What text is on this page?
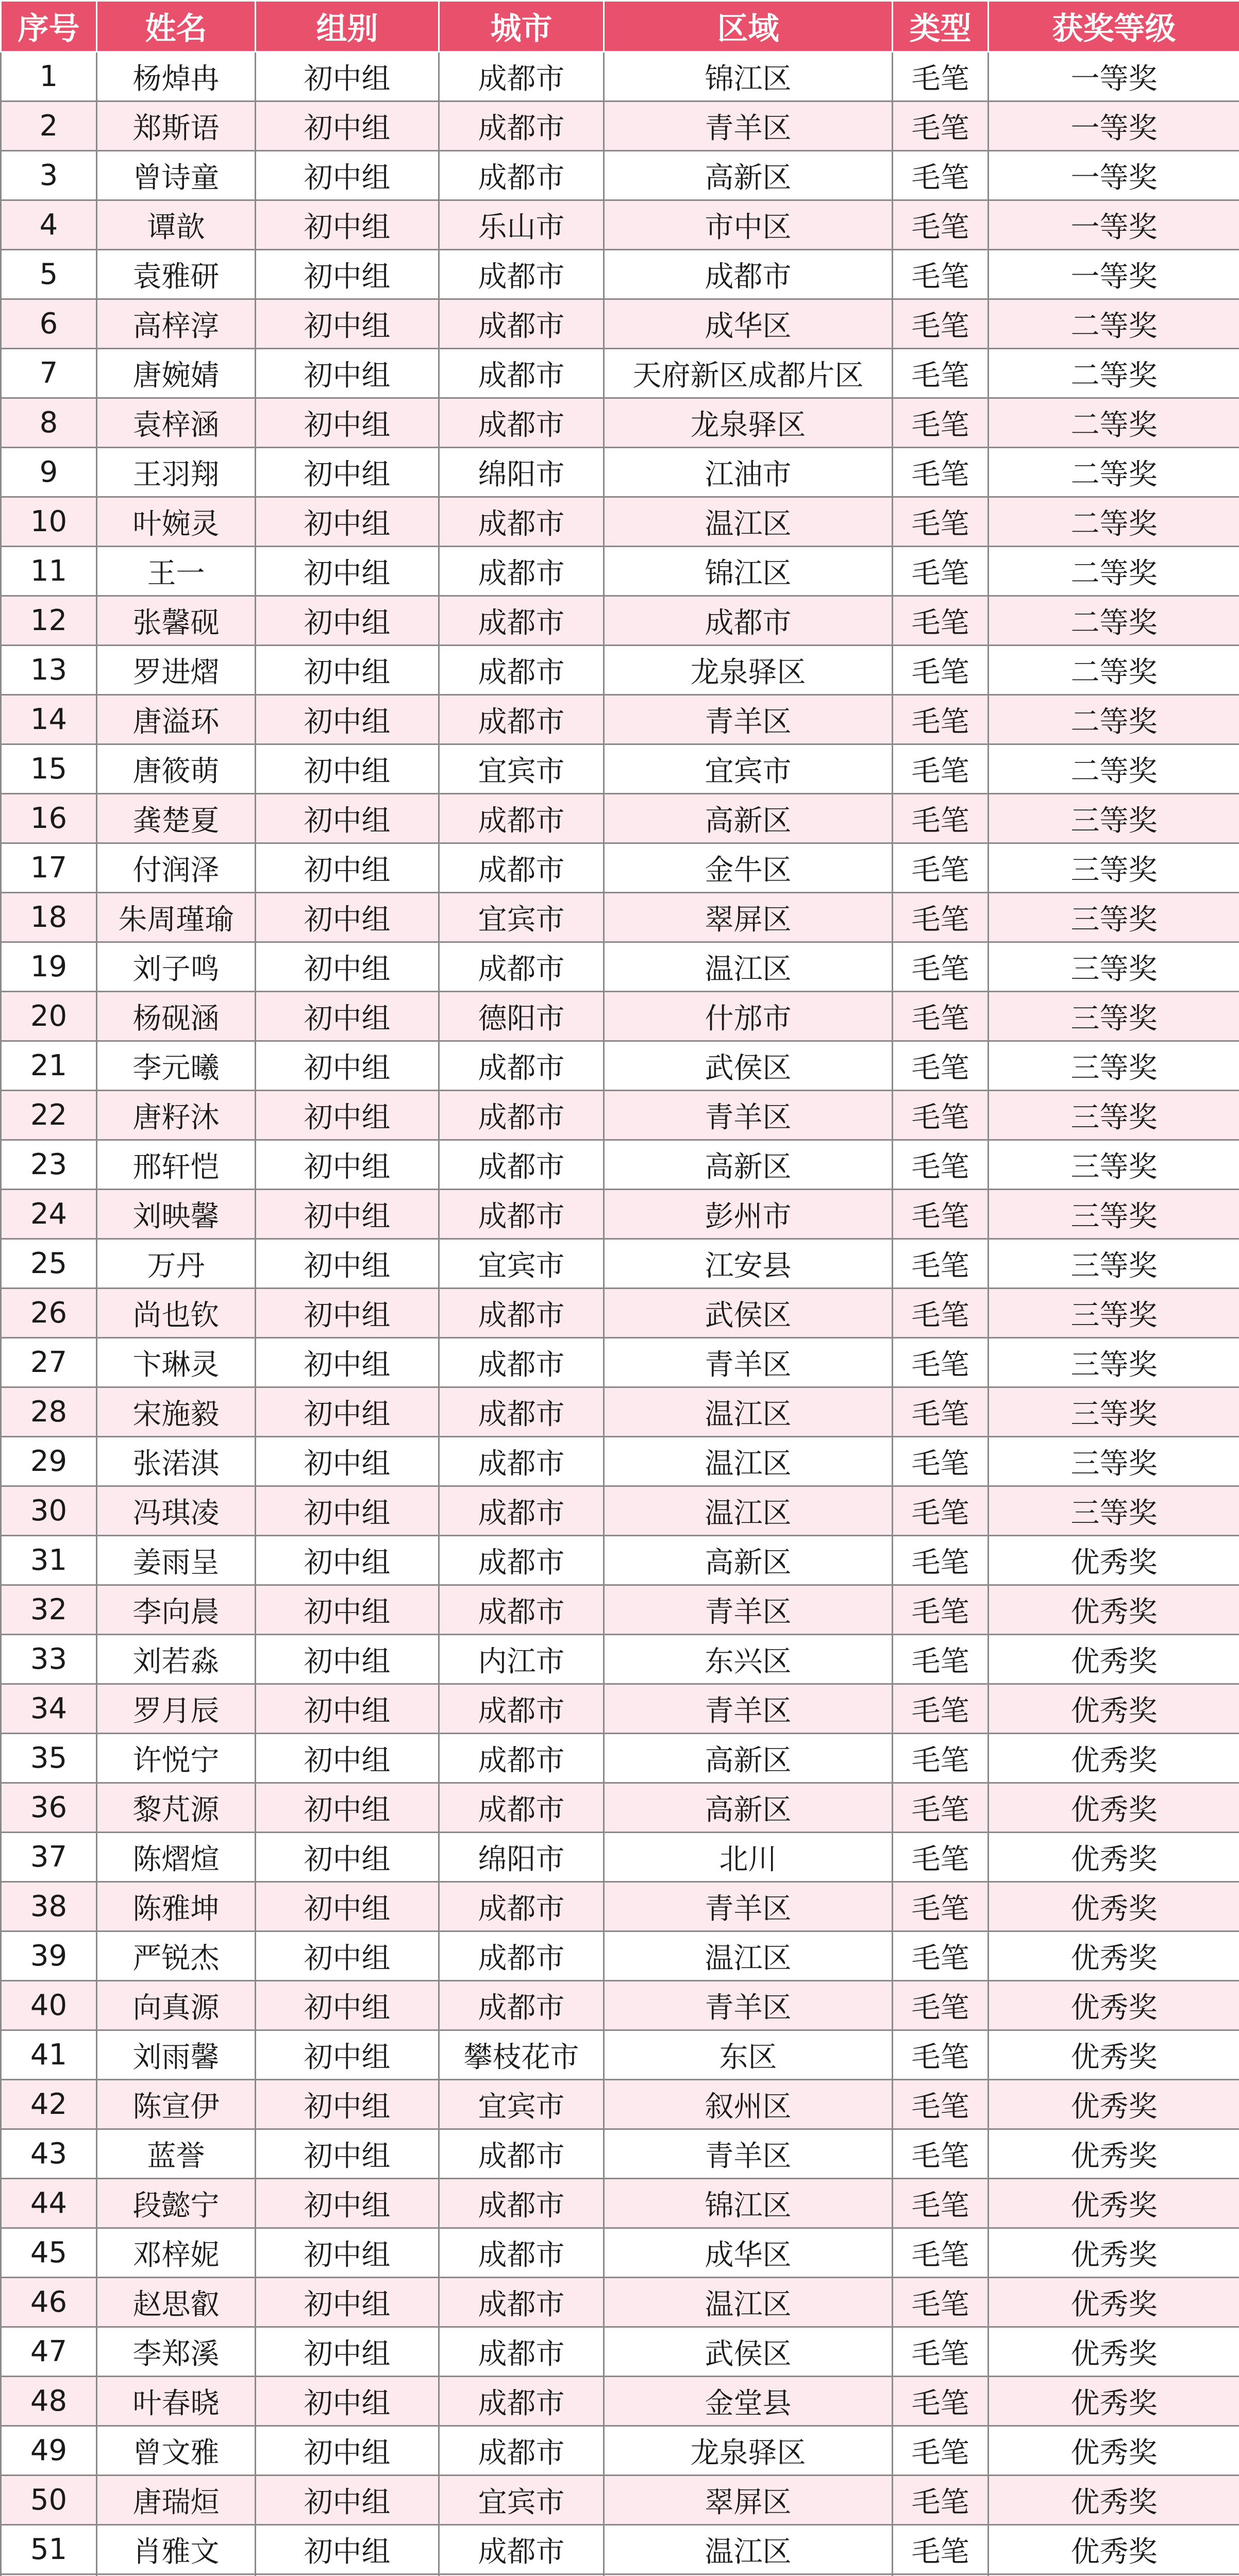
序号	姓名	组别	城市	区域	类型	获奖等级
1	杨焯冉	初中组	成都市	锦江区	毛笔	一等奖
2	郑斯语	初中组	成都市	青羊区	毛笔	一等奖
3	曾诗童	初中组	成都市	高新区	毛笔	一等奖
4	谭歆	初中组	乐山市	市中区	毛笔	一等奖
5	袁雅研	初中组	成都市	成都市	毛笔	一等奖
6	高梓淳	初中组	成都市	成华区	毛笔	二等奖
7	唐婉婧	初中组	成都市	天府新区成都片区	毛笔	二等奖
8	袁梓涵	初中组	成都市	龙泉驿区	毛笔	二等奖
9	王羽翔	初中组	绵阳市	江油市	毛笔	二等奖
10	叶婉灵	初中组	成都市	温江区	毛笔	二等奖
11	王一	初中组	成都市	锦江区	毛笔	二等奖
12	张馨砚	初中组	成都市	成都市	毛笔	二等奖
13	罗进熠	初中组	成都市	龙泉驿区	毛笔	二等奖
14	唐溢环	初中组	成都市	青羊区	毛笔	二等奖
15	唐筱萌	初中组	宜宾市	宜宾市	毛笔	二等奖
16	龚楚夏	初中组	成都市	高新区	毛笔	三等奖
17	付润泽	初中组	成都市	金牛区	毛笔	三等奖
18	朱周瑾瑜	初中组	宜宾市	翠屏区	毛笔	三等奖
19	刘子鸣	初中组	成都市	温江区	毛笔	三等奖
20	杨砚涵	初中组	德阳市	什邡市	毛笔	三等奖
21	李元曦	初中组	成都市	武侯区	毛笔	三等奖
22	唐籽沐	初中组	成都市	青羊区	毛笔	三等奖
23	邢轩恺	初中组	成都市	高新区	毛笔	三等奖
24	刘映馨	初中组	成都市	彭州市	毛笔	三等奖
25	万丹	初中组	宜宾市	江安县	毛笔	三等奖
26	尚也钦	初中组	成都市	武侯区	毛笔	三等奖
27	卞琳灵	初中组	成都市	青羊区	毛笔	三等奖
28	宋施毅	初中组	成都市	温江区	毛笔	三等奖
29	张渃淇	初中组	成都市	温江区	毛笔	三等奖
30	冯琪凌	初中组	成都市	温江区	毛笔	三等奖
31	姜雨呈	初中组	成都市	高新区	毛笔	优秀奖
32	李向晨	初中组	成都市	青羊区	毛笔	优秀奖
33	刘若淼	初中组	内江市	东兴区	毛笔	优秀奖
34	罗月辰	初中组	成都市	青羊区	毛笔	优秀奖
35	许悦宁	初中组	成都市	高新区	毛笔	优秀奖
36	黎芃源	初中组	成都市	高新区	毛笔	优秀奖
37	陈熠煊	初中组	绵阳市	北川	毛笔	优秀奖
38	陈雅坤	初中组	成都市	青羊区	毛笔	优秀奖
39	严锐杰	初中组	成都市	温江区	毛笔	优秀奖
40	向真源	初中组	成都市	青羊区	毛笔	优秀奖
41	刘雨馨	初中组	攀枝花市	东区	毛笔	优秀奖
42	陈宣伊	初中组	宜宾市	叙州区	毛笔	优秀奖
43	蓝誉	初中组	成都市	青羊区	毛笔	优秀奖
44	段懿宁	初中组	成都市	锦江区	毛笔	优秀奖
45	邓梓妮	初中组	成都市	成华区	毛笔	优秀奖
46	赵思叡	初中组	成都市	温江区	毛笔	优秀奖
47	李郑溪	初中组	成都市	武侯区	毛笔	优秀奖
48	叶春晓	初中组	成都市	金堂县	毛笔	优秀奖
49	曾文雅	初中组	成都市	龙泉驿区	毛笔	优秀奖
50	唐瑞烜	初中组	宜宾市	翠屏区	毛笔	优秀奖
51	肖雅文	初中组	成都市	温江区	毛笔	优秀奖
